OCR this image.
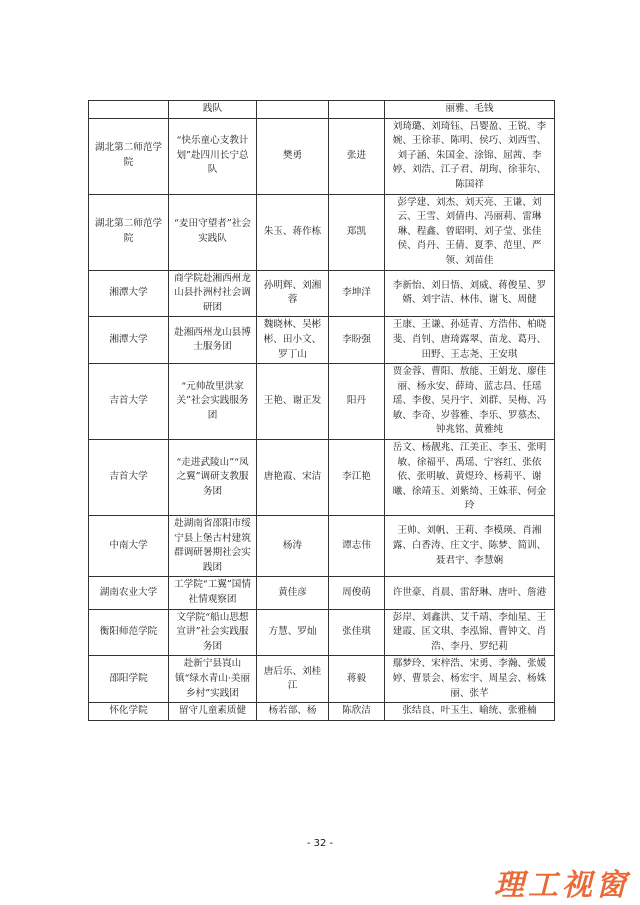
	践队			丽雅、毛钱
湖北第二师范学院	“快乐童心支教计划”赴四川长宁总队	樊勇	张进	刘琦璐、刘琦钰、吕婴盈、王锐、李婉、王徐菲、陈明、侯巧、刘西雪、刘子涵、朱国金、涂锦、屈茜、李婷、刘浩、江子君、胡珣、徐菲尔、陈国祥
湖北第二师范学院	“麦田守望者”社会实践队	朱玉、蒋作栋	郑凯	彭学建、刘杰、刘天亮、王谦、刘云、王雪、刘倩冉、冯丽莉、雷琳琳、程鑫、曾昭明、刘子莹、张佳侯、肖丹、王倩、夏季、范里、严领、刘苗佳
湘潭大学	商学院赴湘西州龙山县扑洲村社会调研团	孙明辉、刘湘蓉	李坤洋	李新怡、刘日悟、刘威、蒋俊星、罗婿、刘宇洁、林伟、谢飞、周健
湘潭大学	赴湘西州龙山县博士服务团	魏晓林、吴彬彬、田小文、罗丁山	李盼强	王康、王谦、孙延青、方浩伟、柏晓斐、肖钊、唐琦露翠、苗龙、葛丹、田野、王志尧、王安琪
吉首大学	“元帅故里洪家关”社会实践服务团	王艳、谢正发	阳丹	贾金蓉、曹阳、敖能、王娟龙、廖佳丽、杨永安、薛琦、蓝志昌、任瑶瑶、李俊、吴丹宇、刘群、吴梅、冯敏、李奇、岁蓉雅、李乐、罗慕杰、钟兆铭、黄雅纯
吉首大学	“走进武陵山”“凤之翼”调研支教服务团	唐艳霞、宋洁	李江艳	岳文、杨靓兆、江美正、李玉、张明敏、徐福平、禹瑶、宁容红、张依依、张明敏、黄煜玲、杨莉平、谢曦、徐靖玉、刘紫绮、王姝菲、何金玲
中南大学	赴湖南省邵阳市绥宁县上堡古村建筑群调研暑期社会实践团	杨涛	谭志伟	王帅、刘帆、王莉、李模瑛、肖湘露、白香涛、庄文宇、陈梦、简训、聂君宇、李慧娴
湖南农业大学	工学院“工翼”国情社情观察团	黄佳彦	周俊萌	许世豪、肖晨、雷舒琳、唐叶、詹港
衡阳师范学院	文学院“船山思想宣讲”社会实践服务团	方慧、罗灿	张佳琪	彭岸、刘鑫洪、艾千靖、李灿星、王建霞、匡文琪、李泓锦、曹钟文、肖浩、李丹、罗纪莉
邵阳学院	赴新宁县崀山镇“绿水青山·美丽乡村”实践团	唐后乐、刘桂江	蒋毅	鄢梦玲、宋梓浩、宋勇、李瀚、张媛婷、曹景会、杨宏宇、周星会、杨姝丽、张芊
怀化学院	留守儿童素质健	杨若部、杨	陈欣洁	张结良、叶玉生、喻统、张雅楠
- 32 -
理工视窗
